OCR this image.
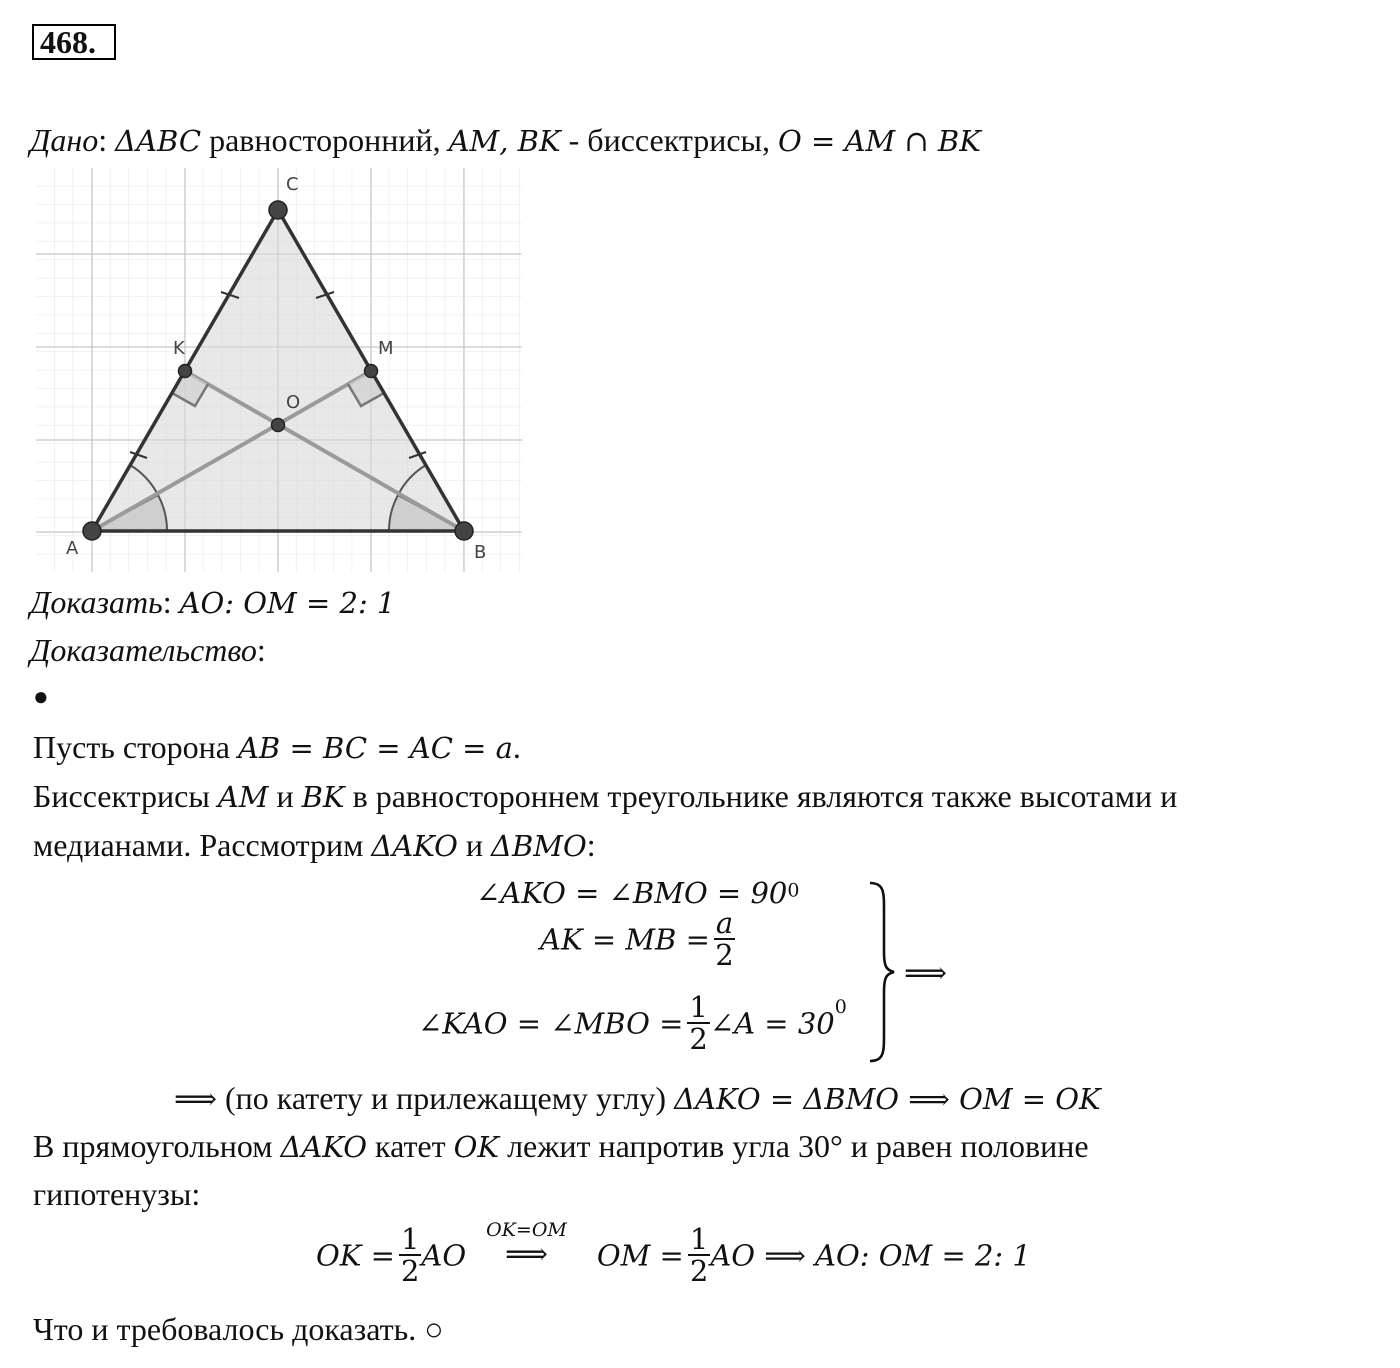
468.
Дано: ΔABC равносторонний, AM, BK - биссектрисы, O = AM ∩ BK
C
K	M
O
A	B
Доказать: AO: OM = 2: 1
Доказательство:
●
Пусть сторона AB = BC = AC = a.
Биссектрисы AM и BK в равностороннем треугольнике являются также высотами и
медианами. Рассмотрим ΔAKO и ΔBMO:
∠AKO = ∠BMO = $90^0$
AK = MB = $\frac{a}{2}$
∠KAO = ∠MBO = $\frac{1}{2}$ ∠A = $30^0$
⟹
⟹ (по катету и прилежащему углу) ΔAKO = ΔBMO ⟹ OM = OK
В прямоугольном ΔAKO катет OK лежит напротив угла 30° и равен половине
гипотенузы:
OK = $\frac{1}{2}$ AO
OK=OM
⟹	OM = $\frac{1}{2}$ AO ⟹ AO: OM = 2: 1
Что и требовалось доказать. ○
